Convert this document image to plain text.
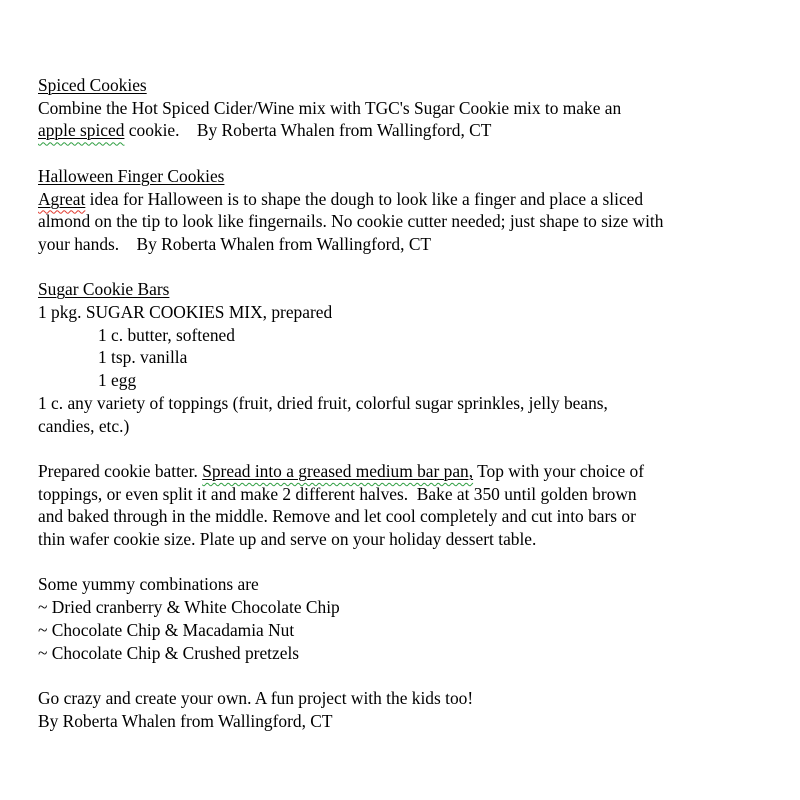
Spiced Cookies
Combine the Hot Spiced Cider/Wine mix with TGC's Sugar Cookie mix to make an
apple spiced cookie.    By Roberta Whalen from Wallingford, CT

Halloween Finger Cookies
Agreat idea for Halloween is to shape the dough to look like a finger and place a sliced
almond on the tip to look like fingernails. No cookie cutter needed; just shape to size with
your hands.    By Roberta Whalen from Wallingford, CT

Sugar Cookie Bars
1 pkg. SUGAR COOKIES MIX, prepared
1 c. butter, softened
1 tsp. vanilla
1 egg
1 c. any variety of toppings (fruit, dried fruit, colorful sugar sprinkles, jelly beans,
candies, etc.)

Prepared cookie batter. Spread into a greased medium bar pan, Top with your choice of
toppings, or even split it and make 2 different halves.  Bake at 350 until golden brown
and baked through in the middle. Remove and let cool completely and cut into bars or
thin wafer cookie size. Plate up and serve on your holiday dessert table.

Some yummy combinations are
~ Dried cranberry & White Chocolate Chip
~ Chocolate Chip & Macadamia Nut
~ Chocolate Chip & Crushed pretzels

Go crazy and create your own. A fun project with the kids too!
By Roberta Whalen from Wallingford, CT
